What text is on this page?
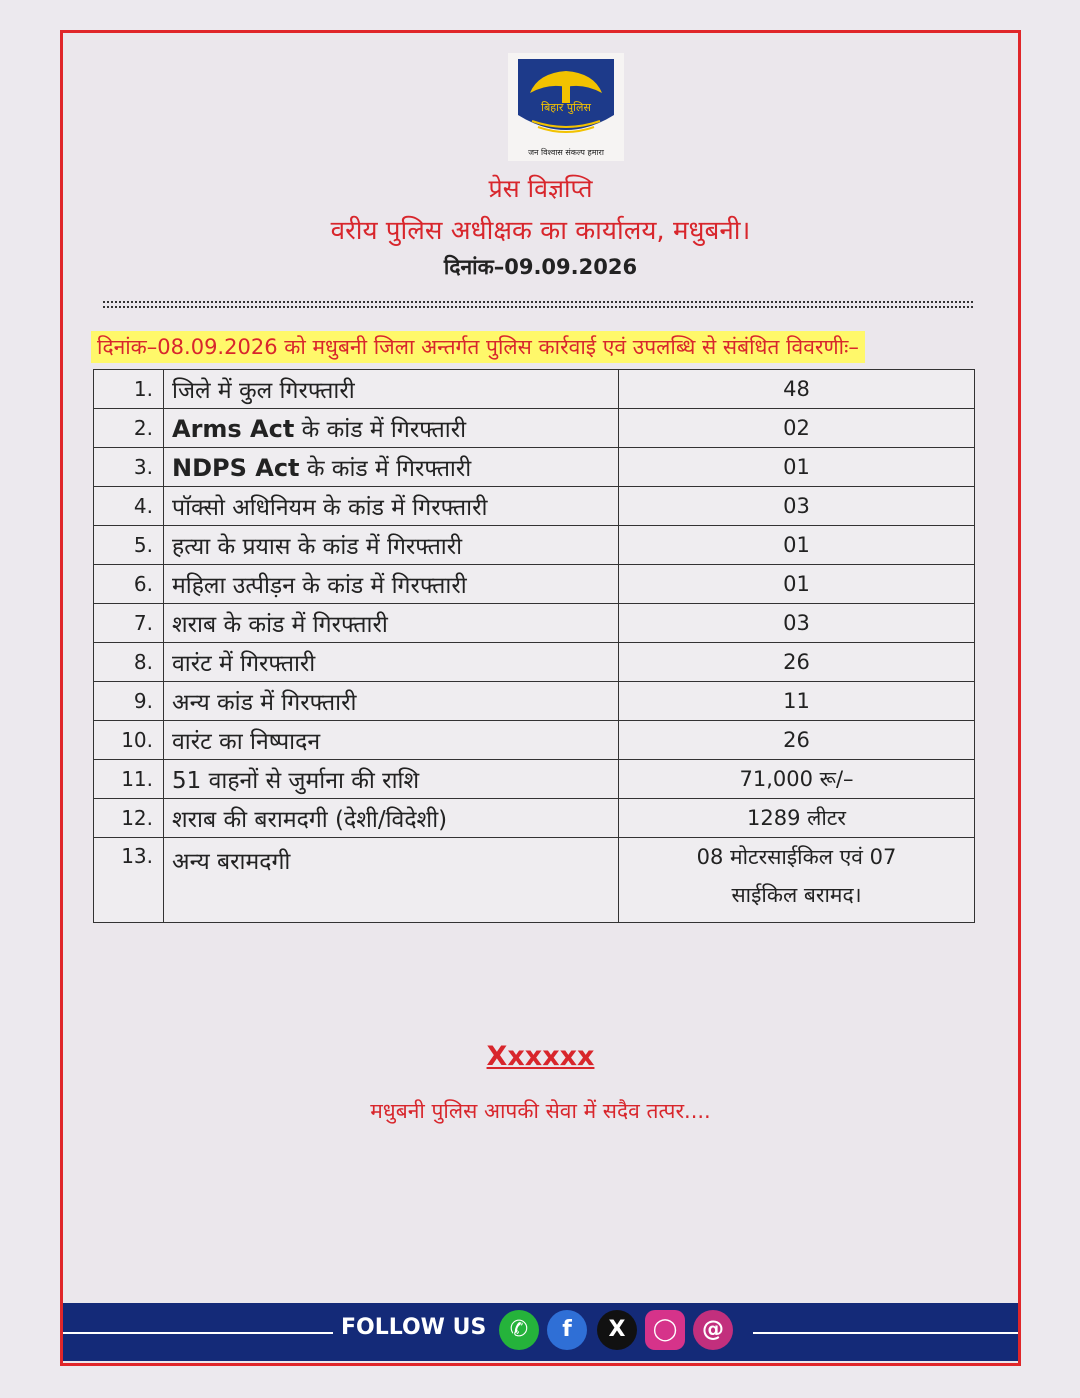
बिहार पुलिस
जन विश्वास संकल्प हमारा
प्रेस विज्ञप्ति
वरीय पुलिस अधीक्षक का कार्यालय, मधुबनी।
दिनांक–09.09.2026
दिनांक–08.09.2026 को मधुबनी जिला अन्तर्गत पुलिस कार्रवाई एवं उपलब्धि से संबंधित विवरणीः–
1.	जिले में कुल गिरफ्तारी	48
2.	Arms Act के कांड में गिरफ्तारी	02
3.	NDPS Act के कांड में गिरफ्तारी	01
4.	पॉक्सो अधिनियम के कांड में गिरफ्तारी	03
5.	हत्या के प्रयास के कांड में गिरफ्तारी	01
6.	महिला उत्पीड़न के कांड में गिरफ्तारी	01
7.	शराब के कांड में गिरफ्तारी	03
8.	वारंट में गिरफ्तारी	26
9.	अन्य कांड में गिरफ्तारी	11
10.	वारंट का निष्पादन	26
11.	51 वाहनों से जुर्माना की राशि	71,000 रू/–
12.	शराब की बरामदगी (देशी/विदेशी)	1289 लीटर
13.	अन्य बरामदगी	08 मोटरसाईकिल एवं 07
साईकिल बरामद।
Xxxxxx
मधुबनी पुलिस आपकी सेवा में सदैव तत्पर....
FOLLOW US	✆	f	X	◯	@
